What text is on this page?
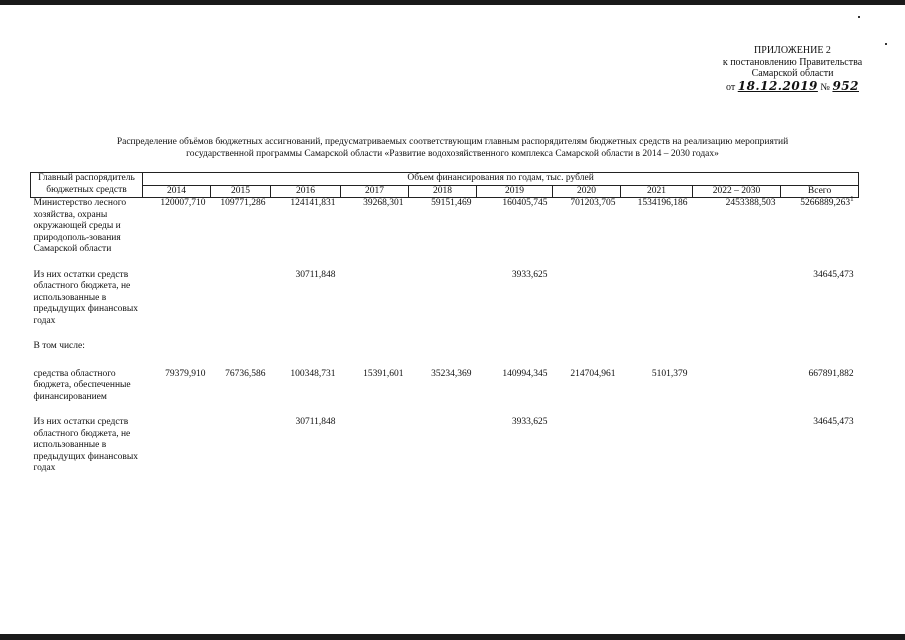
ПРИЛОЖЕНИЕ 2
к постановлению Правительства
Самарской области
от 18.12.2019 № 952
Распределение объёмов бюджетных ассигнований, предусматриваемых соответствующим главным распорядителям бюджетных средств на реализацию мероприятий
государственной программы Самарской области «Развитие водохозяйственного комплекса Самарской области в 2014 – 2030 годах»
Главный распорядитель бюджетных средств	Объем финансирования по годам, тыс. рублей									
	2014	2015	2016	2017	2018	2019	2020	2021	2022 – 2030	Всего
Министерство лесного хозяйства, охраны окружающей среды и природополь-зования Самарской области	120007,710	109771,286	124141,831	39268,301	59151,469	160405,745	701203,705	1534196,186	2453388,503	5266889,263$^1$

Из них остатки средств областного бюджета, не использованные в предыдущих финансовых годах			30711,848			3933,625				34645,473

В том числе:										

средства областного бюджета, обеспеченные финансированием	79379,910	76736,586	100348,731	15391,601	35234,369	140994,345	214704,961	5101,379		667891,882

Из них остатки средств областного бюджета, не использованные в предыдущих финансовых годах			30711,848			3933,625				34645,473
